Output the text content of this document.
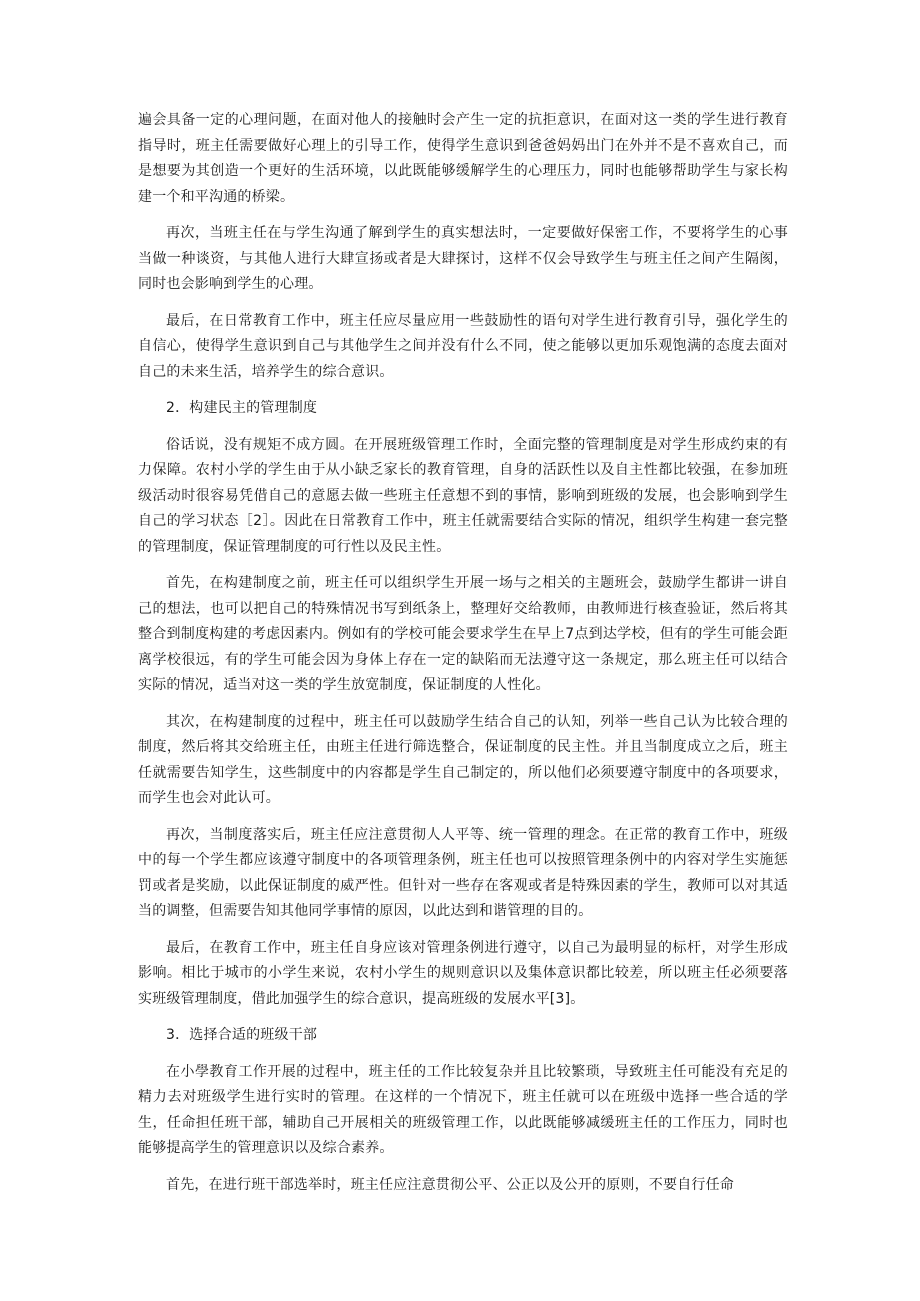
遍会具备一定的心理问题，在面对他人的接触时会产生一定的抗拒意识，在面对这一类的学生进行教育指导时，班主任需要做好心理上的引导工作，使得学生意识到爸爸妈妈出门在外并不是不喜欢自己，而是想要为其创造一个更好的生活环境，以此既能够缓解学生的心理压力，同时也能够帮助学生与家长构建一个和平沟通的桥梁。

再次，当班主任在与学生沟通了解到学生的真实想法时，一定要做好保密工作，不要将学生的心事当做一种谈资，与其他人进行大肆宣扬或者是大肆探讨，这样不仅会导致学生与班主任之间产生隔阂，同时也会影响到学生的心理。

最后，在日常教育工作中，班主任应尽量应用一些鼓励性的语句对学生进行教育引导，强化学生的自信心，使得学生意识到自己与其他学生之间并没有什么不同，使之能够以更加乐观饱满的态度去面对自己的未来生活，培养学生的综合意识。

2．构建民主的管理制度

俗话说，没有规矩不成方圆。在开展班级管理工作时，全面完整的管理制度是对学生形成约束的有力保障。农村小学的学生由于从小缺乏家长的教育管理，自身的活跃性以及自主性都比较强，在参加班级活动时很容易凭借自己的意愿去做一些班主任意想不到的事情，影响到班级的发展，也会影响到学生自己的学习状态［2］。因此在日常教育工作中，班主任就需要结合实际的情况，组织学生构建一套完整的管理制度，保证管理制度的可行性以及民主性。

首先，在构建制度之前，班主任可以组织学生开展一场与之相关的主题班会，鼓励学生都讲一讲自己的想法，也可以把自己的特殊情况书写到纸条上，整理好交给教师，由教师进行核查验证，然后将其整合到制度构建的考虑因素内。例如有的学校可能会要求学生在早上7点到达学校，但有的学生可能会距离学校很远，有的学生可能会因为身体上存在一定的缺陷而无法遵守这一条规定，那么班主任可以结合实际的情况，适当对这一类的学生放宽制度，保证制度的人性化。

其次，在构建制度的过程中，班主任可以鼓励学生结合自己的认知，列举一些自己认为比较合理的制度，然后将其交给班主任，由班主任进行筛选整合，保证制度的民主性。并且当制度成立之后，班主任就需要告知学生，这些制度中的内容都是学生自己制定的，所以他们必须要遵守制度中的各项要求，而学生也会对此认可。

再次，当制度落实后，班主任应注意贯彻人人平等、统一管理的理念。在正常的教育工作中，班级中的每一个学生都应该遵守制度中的各项管理条例，班主任也可以按照管理条例中的内容对学生实施惩罚或者是奖励，以此保证制度的威严性。但针对一些存在客观或者是特殊因素的学生，教师可以对其适当的调整，但需要告知其他同学事情的原因，以此达到和谐管理的目的。

最后，在教育工作中，班主任自身应该对管理条例进行遵守，以自己为最明显的标杆，对学生形成影响。相比于城市的小学生来说，农村小学生的规则意识以及集体意识都比较差，所以班主任必须要落实班级管理制度，借此加强学生的综合意识，提高班级的发展水平[3]。

3．选择合适的班级干部

在小學教育工作开展的过程中，班主任的工作比较复杂并且比较繁琐，导致班主任可能没有充足的精力去对班级学生进行实时的管理。在这样的一个情况下，班主任就可以在班级中选择一些合适的学生，任命担任班干部，辅助自己开展相关的班级管理工作，以此既能够减缓班主任的工作压力，同时也能够提高学生的管理意识以及综合素养。

首先，在进行班干部选举时，班主任应注意贯彻公平、公正以及公开的原则，不要自行任命
